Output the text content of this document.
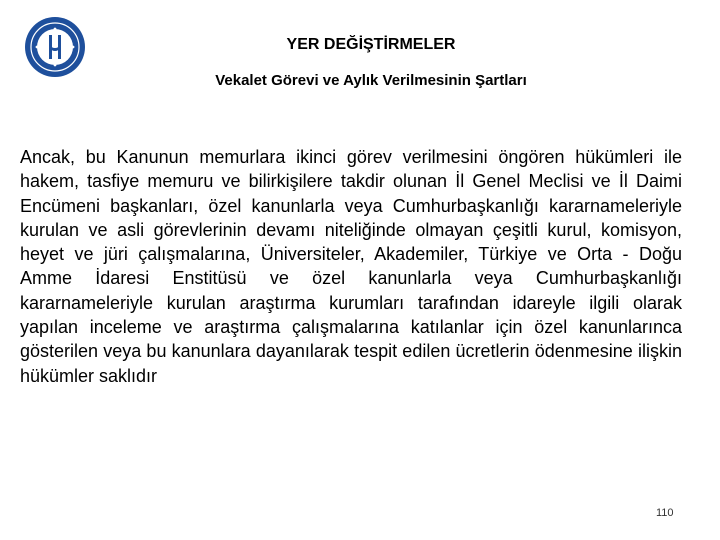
YER DEĞİŞTİRMELER
Vekalet Görevi ve Aylık Verilmesinin Şartları

Ancak, bu Kanunun memurlara ikinci görev verilmesini öngören hükümleri ile hakem, tasfiye memuru ve bilirkişilere takdir olunan İl Genel Meclisi ve İl Daimi Encümeni başkanları, özel kanunlarla veya Cumhurbaşkanlığı kararnameleriyle kurulan ve asli görevlerinin devamı niteliğinde olmayan çeşitli kurul, komisyon, heyet ve jüri çalışmalarına, Üniversiteler, Akademiler, Türkiye ve Orta - Doğu Amme İdaresi Enstitüsü ve özel kanunlarla veya Cumhurbaşkanlığı kararnameleriyle kurulan araştırma kurumları tarafından idareyle ilgili olarak yapılan inceleme ve araştırma çalışmalarına katılanlar için özel kanunlarınca gösterilen veya bu kanunlara dayanılarak tespit edilen ücretlerin ödenmesine ilişkin hükümler saklıdır

110
